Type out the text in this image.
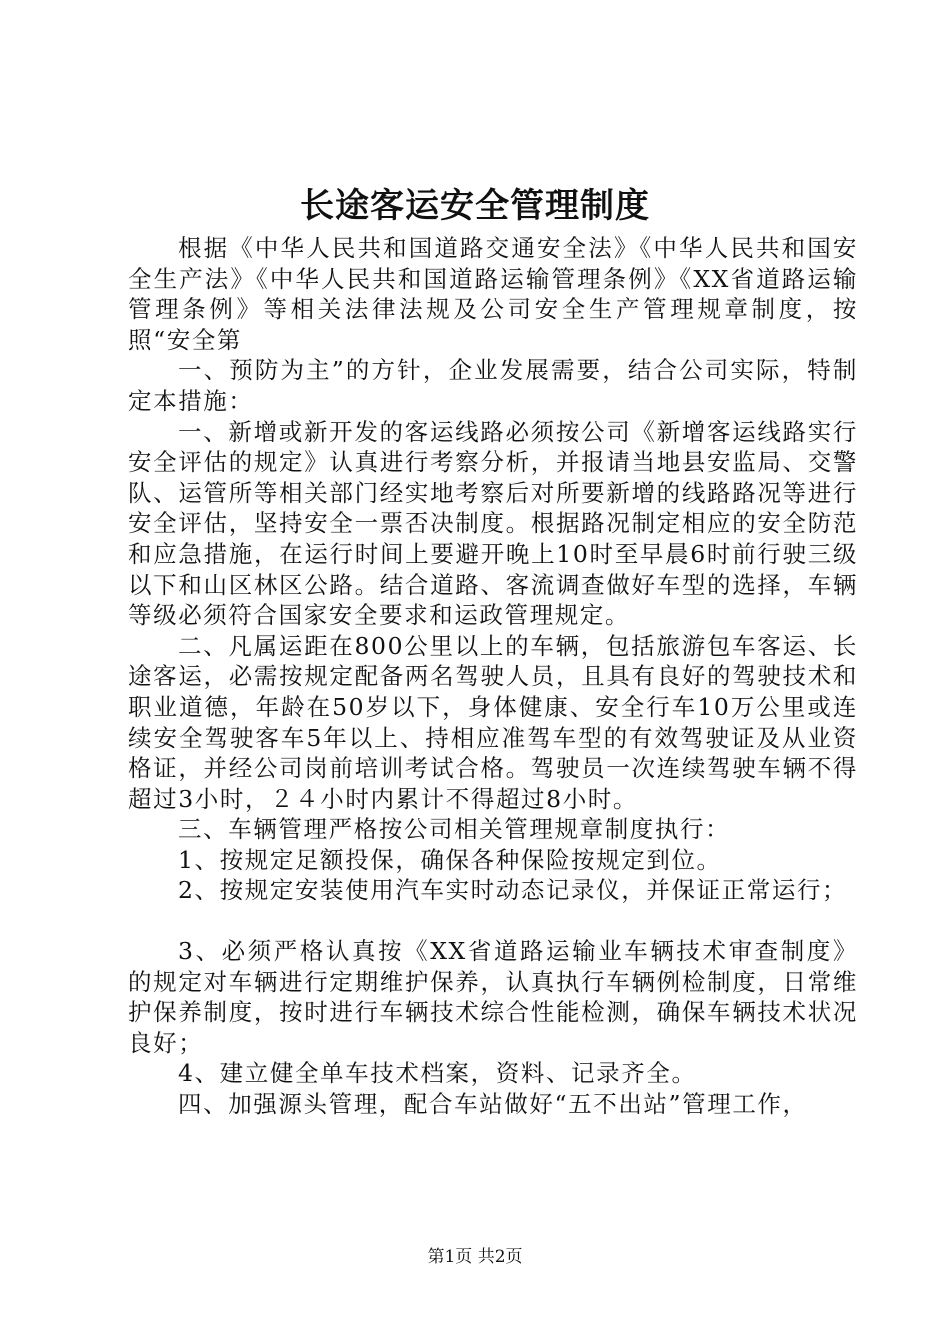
长途客运安全管理制度

根据《中华人民共和国道路交通安全法》《中华人民共和国安全生产法》《中华人民共和国道路运输管理条例》《XX省道路运输管理条例》等相关法律法规及公司安全生产管理规章制度，按照“安全第

一、预防为主”的方针，企业发展需要，结合公司实际，特制定本措施：

一、新增或新开发的客运线路必须按公司《新增客运线路实行安全评估的规定》认真进行考察分析，并报请当地县安监局、交警队、运管所等相关部门经实地考察后对所要新增的线路路况等进行安全评估，坚持安全一票否决制度。根据路况制定相应的安全防范和应急措施，在运行时间上要避开晚上10时至早晨6时前行驶三级以下和山区林区公路。结合道路、客流调查做好车型的选择，车辆等级必须符合国家安全要求和运政管理规定。

二、凡属运距在800公里以上的车辆，包括旅游包车客运、长途客运，必需按规定配备两名驾驶人员，且具有良好的驾驶技术和职业道德，年龄在50岁以下，身体健康、安全行车10万公里或连续安全驾驶客车5年以上、持相应准驾车型的有效驾驶证及从业资格证，并经公司岗前培训考试合格。驾驶员一次连续驾驶车辆不得超过3小时，２４小时内累计不得超过8小时。

三、车辆管理严格按公司相关管理规章制度执行：

1、按规定足额投保，确保各种保险按规定到位。

2、按规定安装使用汽车实时动态记录仪，并保证正常运行；

3、必须严格认真按《XX省道路运输业车辆技术审查制度》的规定对车辆进行定期维护保养，认真执行车辆例检制度，日常维护保养制度，按时进行车辆技术综合性能检测，确保车辆技术状况良好；

4、建立健全单车技术档案，资料、记录齐全。

四、加强源头管理，配合车站做好“五不出站”管理工作，

第1页 共2页
